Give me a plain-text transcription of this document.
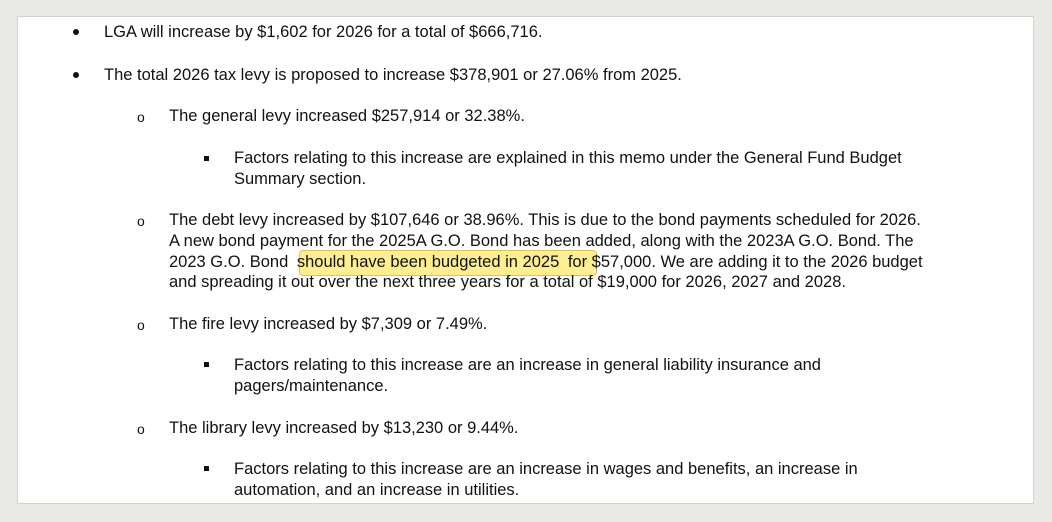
LGA will increase by $1,602 for 2026 for a total of $666,716.
The total 2026 tax levy is proposed to increase $378,901 or 27.06% from 2025.
o The general levy increased $257,914 or 32.38%.
Factors relating to this increase are explained in this memo under the General Fund Budget
Summary section.
o The debt levy increased by $107,646 or 38.96%. This is due to the bond payments scheduled for 2026.
A new bond payment for the 2025A G.O. Bond has been added, along with the 2023A G.O. Bond. The
2023 G.O. Bond should have been budgeted in 2025 for $57,000. We are adding it to the 2026 budget
and spreading it out over the next three years for a total of $19,000 for 2026, 2027 and 2028.
o The fire levy increased by $7,309 or 7.49%.
Factors relating to this increase are an increase in general liability insurance and
pagers/maintenance.
o The library levy increased by $13,230 or 9.44%.
Factors relating to this increase are an increase in wages and benefits, an increase in
automation, and an increase in utilities.
